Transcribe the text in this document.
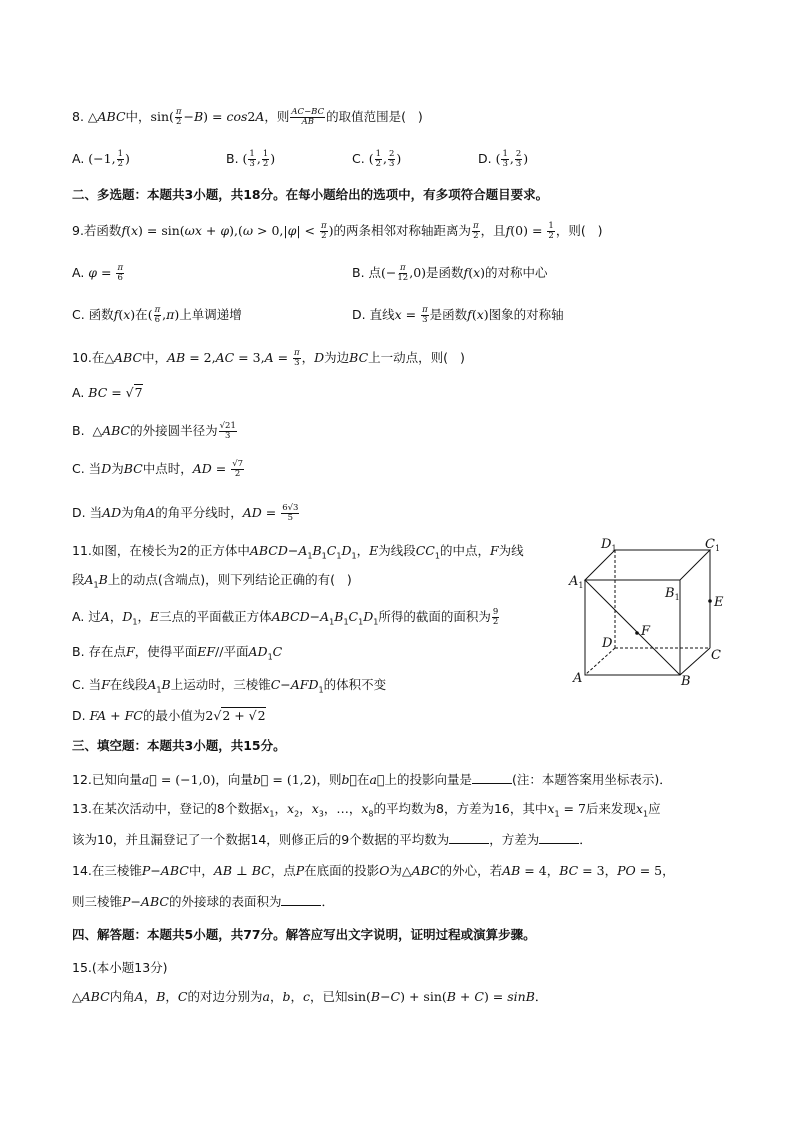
8. △ABC中，$\sin( \frac{\pi}{2} -B) = \cos 2A$，则 $\frac{AC-BC}{AB}$ 的取值范围是(   )
A. (−1, $\frac{1}{2}$ )	B. ( $\frac{1}{3}$ , $\frac{1}{2}$ )	C. ( $\frac{1}{2}$ , $\frac{2}{3}$ )	D. ( $\frac{1}{3}$ , $\frac{2}{3}$ )
二、多选题：本题共3小题，共18分。在每小题给出的选项中，有多项符合题目要求。
9.若函数$f(x) = \sin(\omega x + \varphi),(\omega > 0,|\varphi| < \frac{\pi}{2}$ )的两条相邻对称轴距离为 $\frac{\pi}{2}$ ，且$f(0) = \frac{1}{2}$ ，则(   )
A. $\varphi = \frac{\pi}{6}$	B. 点(− $\frac{\pi}{12} ,0$)是函数f(x)的对称中心
C. 函数f(x)在( $\frac{\pi}{6} ,\pi$)上单调递增	D. 直线$x = \frac{\pi}{3}$ 是函数f(x)图象的对称轴
10.在△ABC中，AB = $2,AC = 3,A = \frac{\pi}{3}$ ，D为边BC上一动点，则(   )
A. BC = √7
B.  △ABC的外接圆半径为 $\frac{√21}{3}$
C. 当D为BC中点时，AD = $\frac{√7}{2}$
D. 当AD为角A的角平分线时，AD = $\frac{6√3}{5}$
11.如图，在棱长为2的正方体中$ABCD-A_1B_1C_1D_1$，E为线段$CC_1$的中点，F为线
段$A_1B$上的动点(含端点)，则下列结论正确的有(   )
A. 过A，$D_1$，E三点的平面截正方体$ABCD-A_1B_1C_1D_1$所得的截面的面积为 $\frac{9}{2}$
B. 存在点F，使得平面EF//平面$AD_1C$
C. 当F在线段$A_1B$上运动时，三棱锥$C-AFD_1$的体积不变
D. FA + FC的最小值为2√2 + √2
$D_1$	$C_1$
$A_1$
$B_1$	E
F
D
C
A	B
三、填空题：本题共3小题，共15分。
12.已知向量a⃗ = (−1,0)，向量b⃗ = (1,2)，则b⃗在a⃗上的投影向量是	(注：本题答案用坐标表示)．
13.在某次活动中，登记的8个数据$x_1$，$x_2$，$x_3$，…，$x_8$的平均数为8，方差为16，其中$x_1 = 7$后来发现$x_1$应
该为10，并且漏登记了一个数据14，则修正后的9个数据的平均数为	，方差为	．
14.在三棱锥P−ABC中，AB ⊥ BC，点P在底面的投影O为△ABC的外心，若AB = 4，BC = 3，PO = 5，
则三棱锥P−ABC的外接球的表面积为	．
四、解答题：本题共5小题，共77分。解答应写出文字说明，证明过程或演算步骤。
15.(本小题13分)
△ABC内角A，B，C的对边分别为a，b，c，已知sin(B−C) + sin(B + C) = sinB．
